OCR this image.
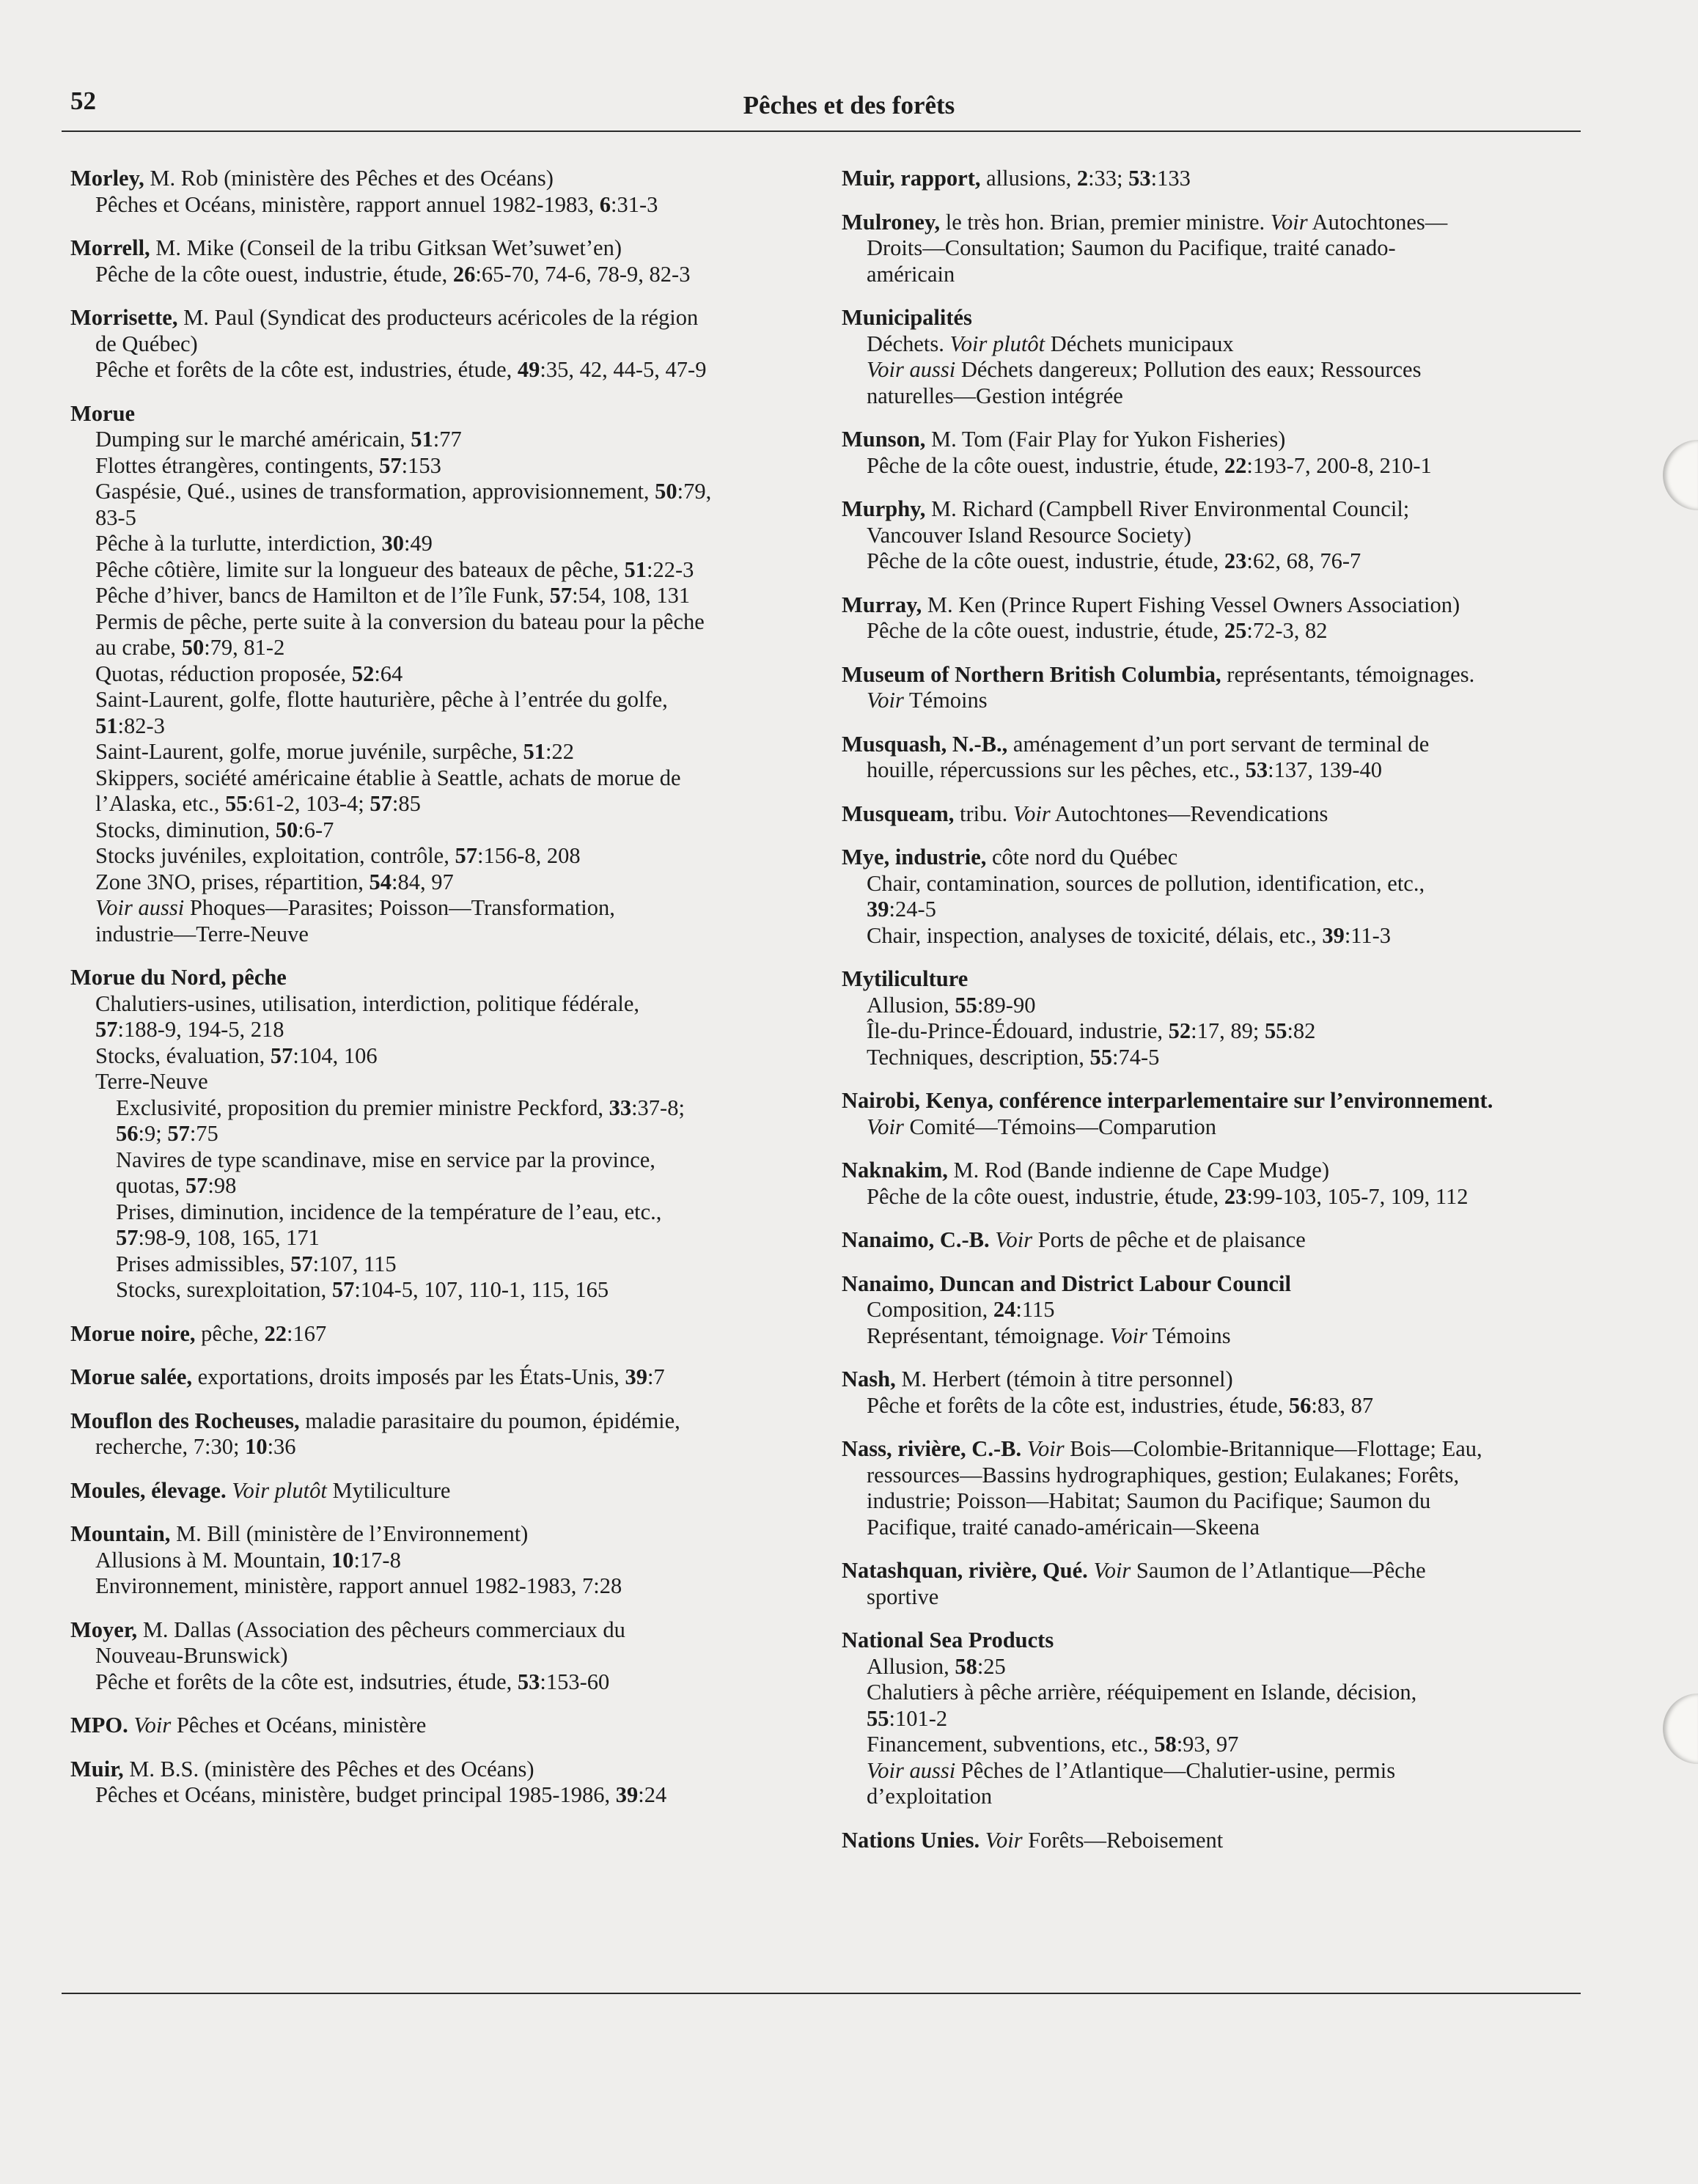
52	Pêches et des forêts
Morley, M. Rob (ministère des Pêches et des Océans)
Pêches et Océans, ministère, rapport annuel 1982-1983, 6:31-3
Morrell, M. Mike (Conseil de la tribu Gitksan Wet’suwet’en)
Pêche de la côte ouest, industrie, étude, 26:65-70, 74-6, 78-9, 82-3
Morrisette, M. Paul (Syndicat des producteurs acéricoles de la région
de Québec)
Pêche et forêts de la côte est, industries, étude, 49:35, 42, 44-5, 47-9
Morue
Dumping sur le marché américain, 51:77
Flottes étrangères, contingents, 57:153
Gaspésie, Qué., usines de transformation, approvisionnement, 50:79,
83-5
Pêche à la turlutte, interdiction, 30:49
Pêche côtière, limite sur la longueur des bateaux de pêche, 51:22-3
Pêche d’hiver, bancs de Hamilton et de l’île Funk, 57:54, 108, 131
Permis de pêche, perte suite à la conversion du bateau pour la pêche
au crabe, 50:79, 81-2
Quotas, réduction proposée, 52:64
Saint-Laurent, golfe, flotte hauturière, pêche à l’entrée du golfe,
51:82-3
Saint-Laurent, golfe, morue juvénile, surpêche, 51:22
Skippers, société américaine établie à Seattle, achats de morue de
l’Alaska, etc., 55:61-2, 103-4; 57:85
Stocks, diminution, 50:6-7
Stocks juvéniles, exploitation, contrôle, 57:156-8, 208
Zone 3NO, prises, répartition, 54:84, 97
Voir aussi Phoques—Parasites; Poisson—Transformation,
industrie—Terre-Neuve
Morue du Nord, pêche
Chalutiers-usines, utilisation, interdiction, politique fédérale,
57:188-9, 194-5, 218
Stocks, évaluation, 57:104, 106
Terre-Neuve
Exclusivité, proposition du premier ministre Peckford, 33:37-8;
56:9; 57:75
Navires de type scandinave, mise en service par la province,
quotas, 57:98
Prises, diminution, incidence de la température de l’eau, etc.,
57:98-9, 108, 165, 171
Prises admissibles, 57:107, 115
Stocks, surexploitation, 57:104-5, 107, 110-1, 115, 165
Morue noire, pêche, 22:167
Morue salée, exportations, droits imposés par les États-Unis, 39:7
Mouflon des Rocheuses, maladie parasitaire du poumon, épidémie,
recherche, 7:30; 10:36
Moules, élevage. Voir plutôt Mytiliculture
Mountain, M. Bill (ministère de l’Environnement)
Allusions à M. Mountain, 10:17-8
Environnement, ministère, rapport annuel 1982-1983, 7:28
Moyer, M. Dallas (Association des pêcheurs commerciaux du
Nouveau-Brunswick)
Pêche et forêts de la côte est, indsutries, étude, 53:153-60
MPO. Voir Pêches et Océans, ministère
Muir, M. B.S. (ministère des Pêches et des Océans)
Pêches et Océans, ministère, budget principal 1985-1986, 39:24
Muir, rapport, allusions, 2:33; 53:133
Mulroney, le très hon. Brian, premier ministre. Voir Autochtones—
Droits—Consultation; Saumon du Pacifique, traité canado-
américain
Municipalités
Déchets. Voir plutôt Déchets municipaux
Voir aussi Déchets dangereux; Pollution des eaux; Ressources
naturelles—Gestion intégrée
Munson, M. Tom (Fair Play for Yukon Fisheries)
Pêche de la côte ouest, industrie, étude, 22:193-7, 200-8, 210-1
Murphy, M. Richard (Campbell River Environmental Council;
Vancouver Island Resource Society)
Pêche de la côte ouest, industrie, étude, 23:62, 68, 76-7
Murray, M. Ken (Prince Rupert Fishing Vessel Owners Association)
Pêche de la côte ouest, industrie, étude, 25:72-3, 82
Museum of Northern British Columbia, représentants, témoignages.
Voir Témoins
Musquash, N.-B., aménagement d’un port servant de terminal de
houille, répercussions sur les pêches, etc., 53:137, 139-40
Musqueam, tribu. Voir Autochtones—Revendications
Mye, industrie, côte nord du Québec
Chair, contamination, sources de pollution, identification, etc.,
39:24-5
Chair, inspection, analyses de toxicité, délais, etc., 39:11-3
Mytiliculture
Allusion, 55:89-90
Île-du-Prince-Édouard, industrie, 52:17, 89; 55:82
Techniques, description, 55:74-5
Nairobi, Kenya, conférence interparlementaire sur l’environnement.
Voir Comité—Témoins—Comparution
Naknakim, M. Rod (Bande indienne de Cape Mudge)
Pêche de la côte ouest, industrie, étude, 23:99-103, 105-7, 109, 112
Nanaimo, C.-B. Voir Ports de pêche et de plaisance
Nanaimo, Duncan and District Labour Council
Composition, 24:115
Représentant, témoignage. Voir Témoins
Nash, M. Herbert (témoin à titre personnel)
Pêche et forêts de la côte est, industries, étude, 56:83, 87
Nass, rivière, C.-B. Voir Bois—Colombie-Britannique—Flottage; Eau,
ressources—Bassins hydrographiques, gestion; Eulakanes; Forêts,
industrie; Poisson—Habitat; Saumon du Pacifique; Saumon du
Pacifique, traité canado-américain—Skeena
Natashquan, rivière, Qué. Voir Saumon de l’Atlantique—Pêche
sportive
National Sea Products
Allusion, 58:25
Chalutiers à pêche arrière, rééquipement en Islande, décision,
55:101-2
Financement, subventions, etc., 58:93, 97
Voir aussi Pêches de l’Atlantique—Chalutier-usine, permis
d’exploitation
Nations Unies. Voir Forêts—Reboisement
